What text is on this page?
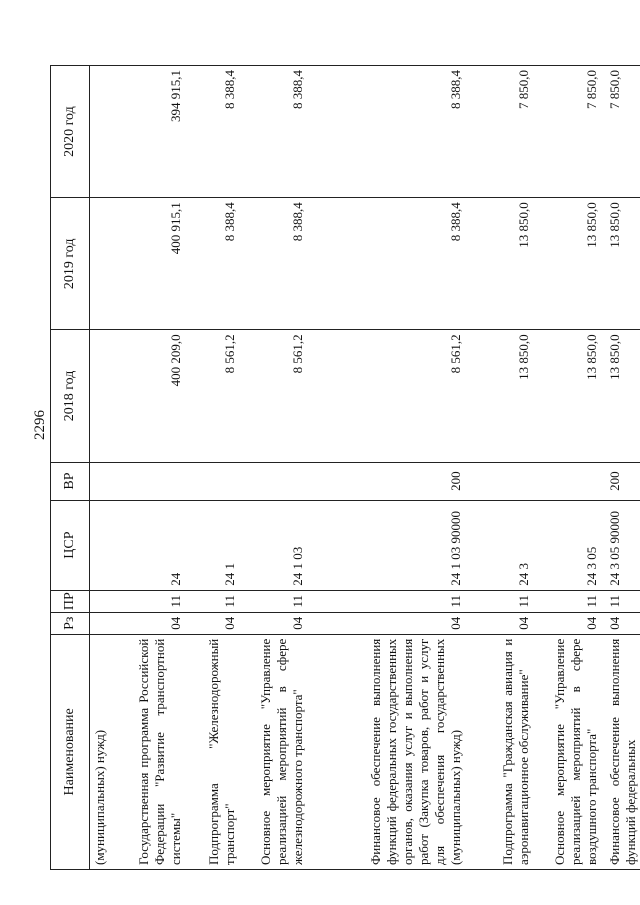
2296
Наименование	Рз	ПР	ЦСР	ВР	2018 год	2019 год	2020 год
(муниципальных) нужд)							
Государственная программа Российской Федерации "Развитие транспортной системы"	04	11	24		400 209,0	400 915,1	394 915,1
Подпрограмма "Железнодорожный транспорт"	04	11	24 1		8 561,2	8 388,4	8 388,4
Основное мероприятие "Управление реализацией мероприятий в сфере железнодорожного транспорта"	04	11	24 1 03		8 561,2	8 388,4	8 388,4
Финансовое обеспечение выполнения функций федеральных государственных органов, оказания услуг и выполнения работ (Закупка товаров, работ и услуг для обеспечения государственных (муниципальных) нужд)	04	11	24 1 03 90000	200	8 561,2	8 388,4	8 388,4
Подпрограмма "Гражданская авиация и аэронавигационное обслуживание"	04	11	24 3		13 850,0	13 850,0	7 850,0
Основное мероприятие "Управление реализацией мероприятий в сфере воздушного транспорта"	04	11	24 3 05		13 850,0	13 850,0	7 850,0
Финансовое обеспечение выполнения функций федеральных	04	11	24 3 05 90000	200	13 850,0	13 850,0	7 850,0
